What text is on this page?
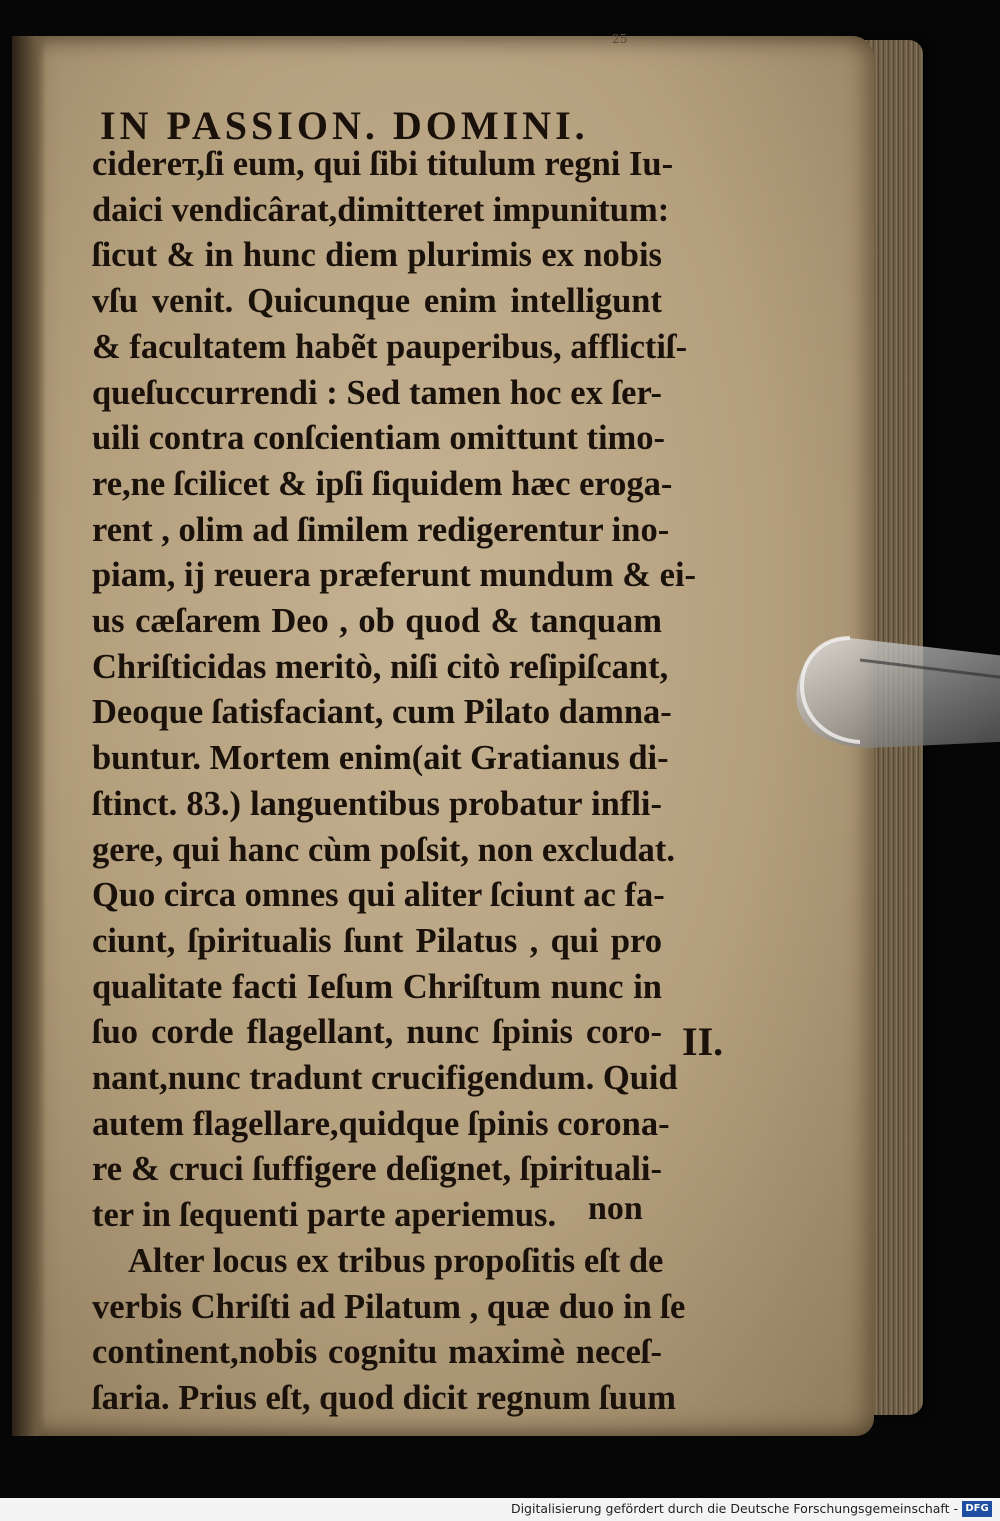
25
IN PASSION. DOMINI.
ciderет,ſi eum, qui ſibi titulum regni Iu-
daici vendicârat,dimitteret impunitum:
ſicut & in hunc diem plurimis ex nobis
vſu venit. Quicunque enim intelligunt
& facultatem habẽt pauperibus, afflictiſ-
queſuccurrendi : Sed tamen hoc ex ſer-
uili contra conſcientiam omittunt timo-
re,ne ſcilicet & ipſi ſiquidem hæc eroga-
rent , olim ad ſimilem redigerentur ino-
piam, ij reuera præferunt mundum & ei-
us cæſarem Deo , ob quod & tanquam
Chriſticidas meritò, niſi citò reſipiſcant,
Deoque ſatisfaciant, cum Pilato damna-
buntur. Mortem enim(ait Gratianus di-
ſtinct. 83.) languentibus probatur infli-
gere, qui hanc cùm poſsit, non excludat.
Quo circa omnes qui aliter ſciunt ac fa-
ciunt, ſpiritualis ſunt Pilatus , qui pro
qualitate facti Ieſum Chriſtum nunc in
ſuo corde flagellant, nunc ſpinis coro-
nant,nunc tradunt crucifigendum. Quid
autem flagellare,quidque ſpinis corona-
re & cruci ſuffigere deſignet, ſpirituali-
ter in ſequenti parte aperiemus.
Alter locus ex tribus propoſitis eſt de
verbis Chriſti ad Pilatum , quæ duo in ſe
continent,nobis cognitu maximè neceſ-
ſaria. Prius eſt, quod dicit regnum ſuum
II.
non
Digitalisierung gefördert durch die Deutsche Forschungsgemeinschaft - DFG
